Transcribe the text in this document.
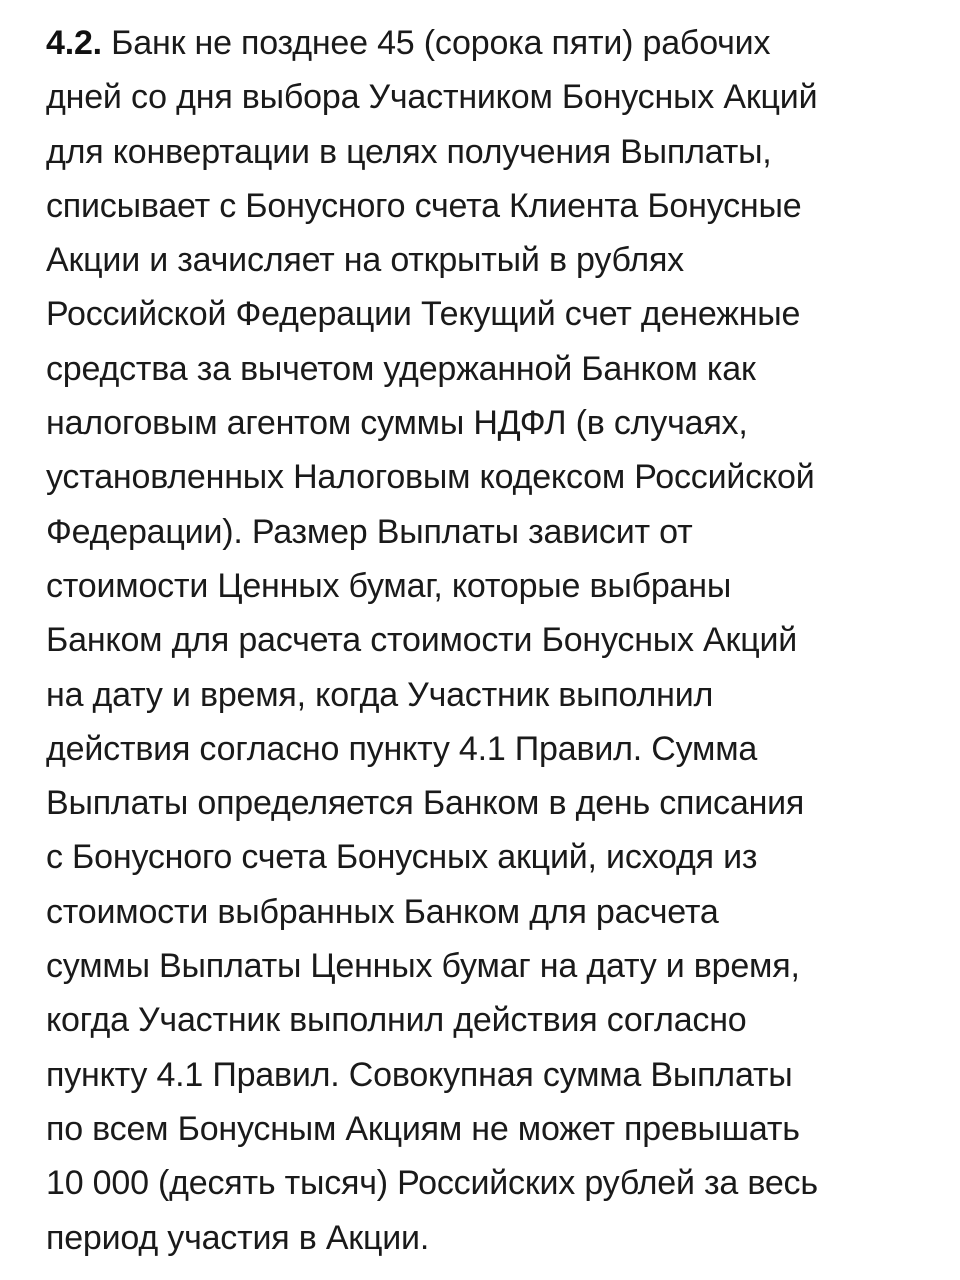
4.2. Банк не позднее 45 (сорока пяти) рабочих
дней со дня выбора Участником Бонусных Акций
для конвертации в целях получения Выплаты,
списывает с Бонусного счета Клиента Бонусные
Акции и зачисляет на открытый в рублях
Российской Федерации Текущий счет денежные
средства за вычетом удержанной Банком как
налоговым агентом суммы НДФЛ (в случаях,
установленных Налоговым кодексом Российской
Федерации). Размер Выплаты зависит от
стоимости Ценных бумаг, которые выбраны
Банком для расчета стоимости Бонусных Акций
на дату и время, когда Участник выполнил
действия согласно пункту 4.1 Правил. Сумма
Выплаты определяется Банком в день списания
с Бонусного счета Бонусных акций, исходя из
стоимости выбранных Банком для расчета
суммы Выплаты Ценных бумаг на дату и время,
когда Участник выполнил действия согласно
пункту 4.1 Правил. Совокупная сумма Выплаты
по всем Бонусным Акциям не может превышать
10 000 (десять тысяч) Российских рублей за весь
период участия в Акции.
